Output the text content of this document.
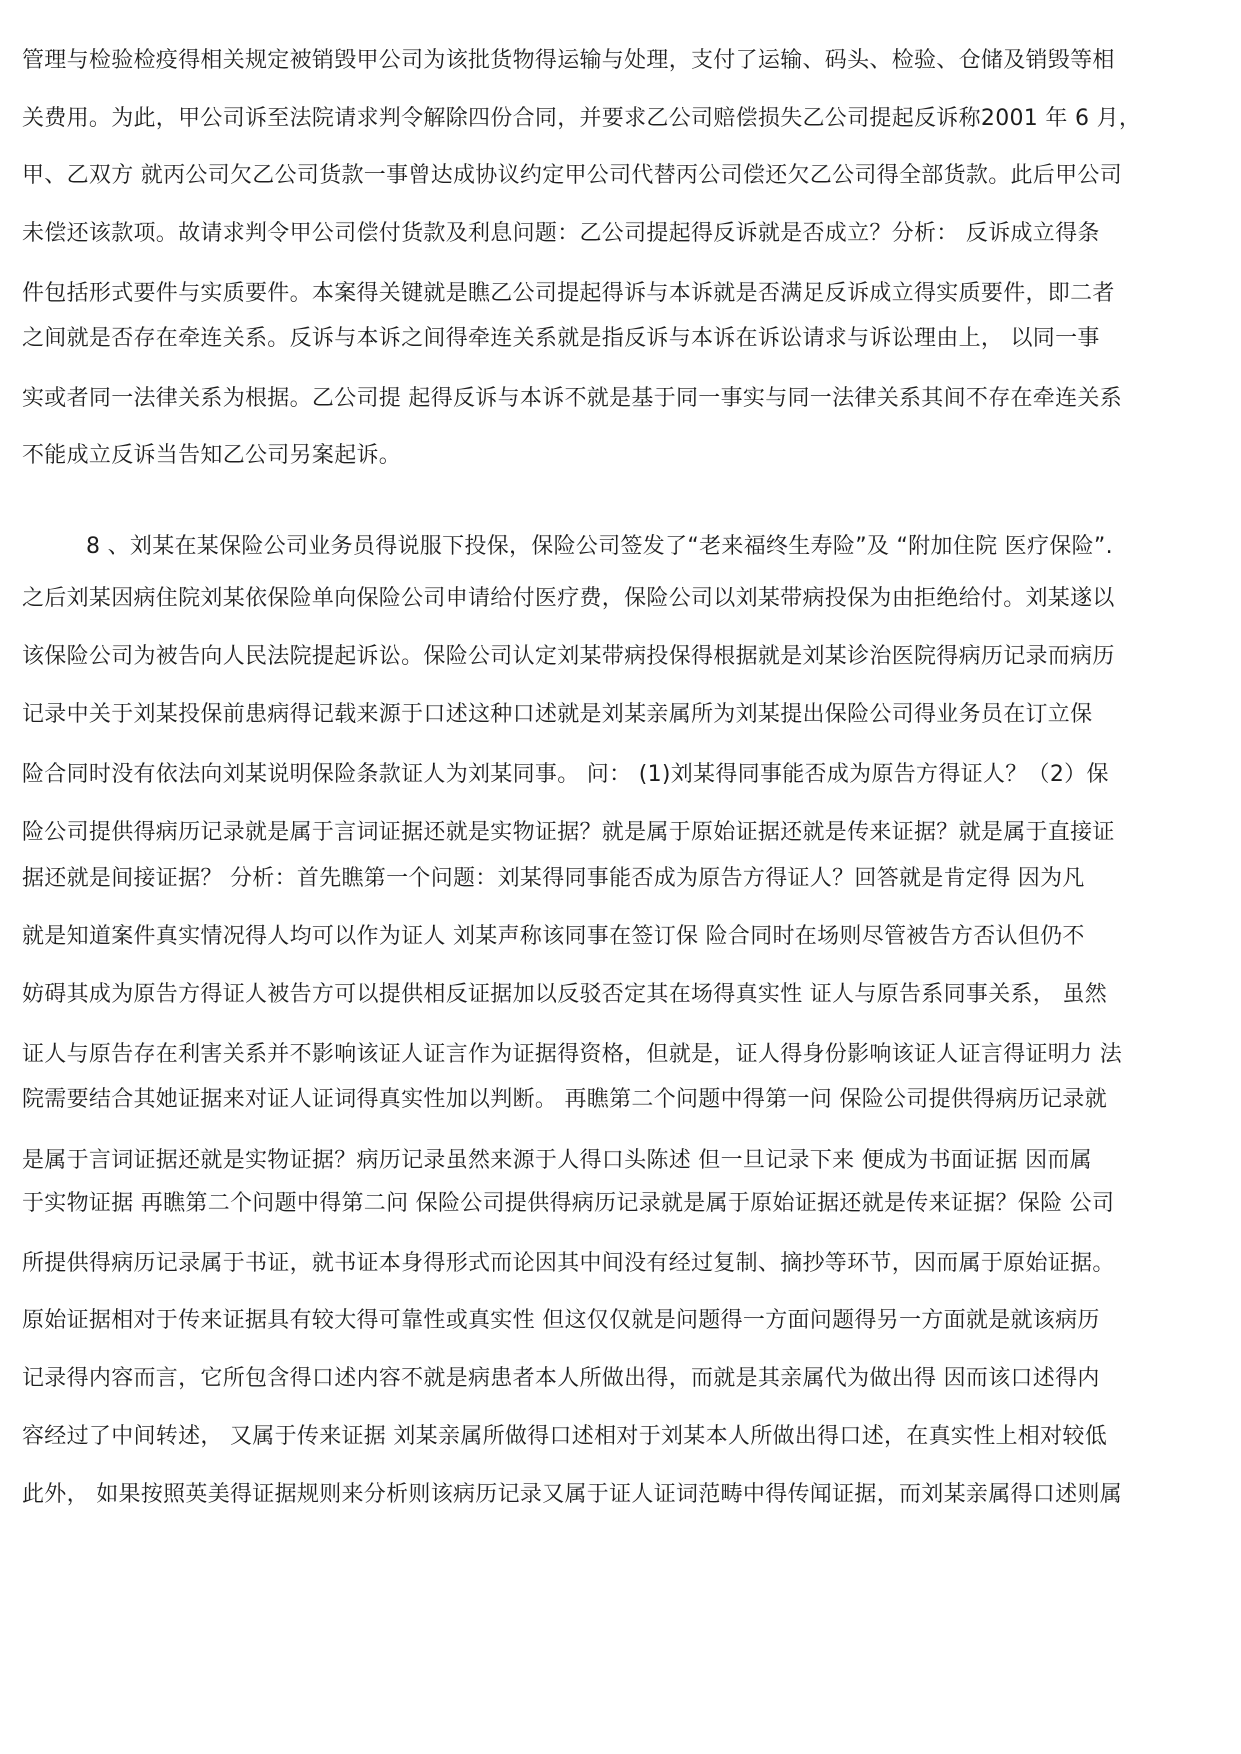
管理与检验检疫得相关规定被销毁甲公司为该批货物得运输与处理，支付了运输、码头、检验、仓储及销毁等相
关费用。为此，甲公司诉至法院请求判令解除四份合同，并要求乙公司赔偿损失乙公司提起反诉称2001 年 6 月，
甲、乙双方 就丙公司欠乙公司货款一事曾达成协议约定甲公司代替丙公司偿还欠乙公司得全部货款。此后甲公司
未偿还该款项。故请求判令甲公司偿付货款及利息问题：乙公司提起得反诉就是否成立？分析： 反诉成立得条
件包括形式要件与实质要件。本案得关键就是瞧乙公司提起得诉与本诉就是否满足反诉成立得实质要件，即二者
之间就是否存在牵连关系。反诉与本诉之间得牵连关系就是指反诉与本诉在诉讼请求与诉讼理由上， 以同一事
实或者同一法律关系为根据。乙公司提 起得反诉与本诉不就是基于同一事实与同一法律关系其间不存在牵连关系
不能成立反诉当告知乙公司另案起诉。
8 、刘某在某保险公司业务员得说服下投保，保险公司签发了“老来福终生寿险”及 “附加住院 医疗保险”.
之后刘某因病住院刘某依保险单向保险公司申请给付医疗费，保险公司以刘某带病投保为由拒绝给付。刘某遂以
该保险公司为被告向人民法院提起诉讼。保险公司认定刘某带病投保得根据就是刘某诊治医院得病历记录而病历
记录中关于刘某投保前患病得记载来源于口述这种口述就是刘某亲属所为刘某提出保险公司得业务员在订立保
险合同时没有依法向刘某说明保险条款证人为刘某同事。 问： (1)刘某得同事能否成为原告方得证人？（2）保
险公司提供得病历记录就是属于言词证据还就是实物证据？就是属于原始证据还就是传来证据？就是属于直接证
据还就是间接证据？ 分析：首先瞧第一个问题：刘某得同事能否成为原告方得证人？回答就是肯定得 因为凡
就是知道案件真实情况得人均可以作为证人 刘某声称该同事在签订保 险合同时在场则尽管被告方否认但仍不
妨碍其成为原告方得证人被告方可以提供相反证据加以反驳否定其在场得真实性 证人与原告系同事关系， 虽然
证人与原告存在利害关系并不影响该证人证言作为证据得资格，但就是，证人得身份影响该证人证言得证明力 法
院需要结合其她证据来对证人证词得真实性加以判断。 再瞧第二个问题中得第一问 保险公司提供得病历记录就
是属于言词证据还就是实物证据？病历记录虽然来源于人得口头陈述 但一旦记录下来 便成为书面证据 因而属
于实物证据 再瞧第二个问题中得第二问 保险公司提供得病历记录就是属于原始证据还就是传来证据？保险 公司
所提供得病历记录属于书证，就书证本身得形式而论因其中间没有经过复制、摘抄等环节，因而属于原始证据。
原始证据相对于传来证据具有较大得可靠性或真实性 但这仅仅就是问题得一方面问题得另一方面就是就该病历
记录得内容而言，它所包含得口述内容不就是病患者本人所做出得，而就是其亲属代为做出得 因而该口述得内
容经过了中间转述， 又属于传来证据 刘某亲属所做得口述相对于刘某本人所做出得口述，在真实性上相对较低
此外， 如果按照英美得证据规则来分析则该病历记录又属于证人证词范畴中得传闻证据，而刘某亲属得口述则属
